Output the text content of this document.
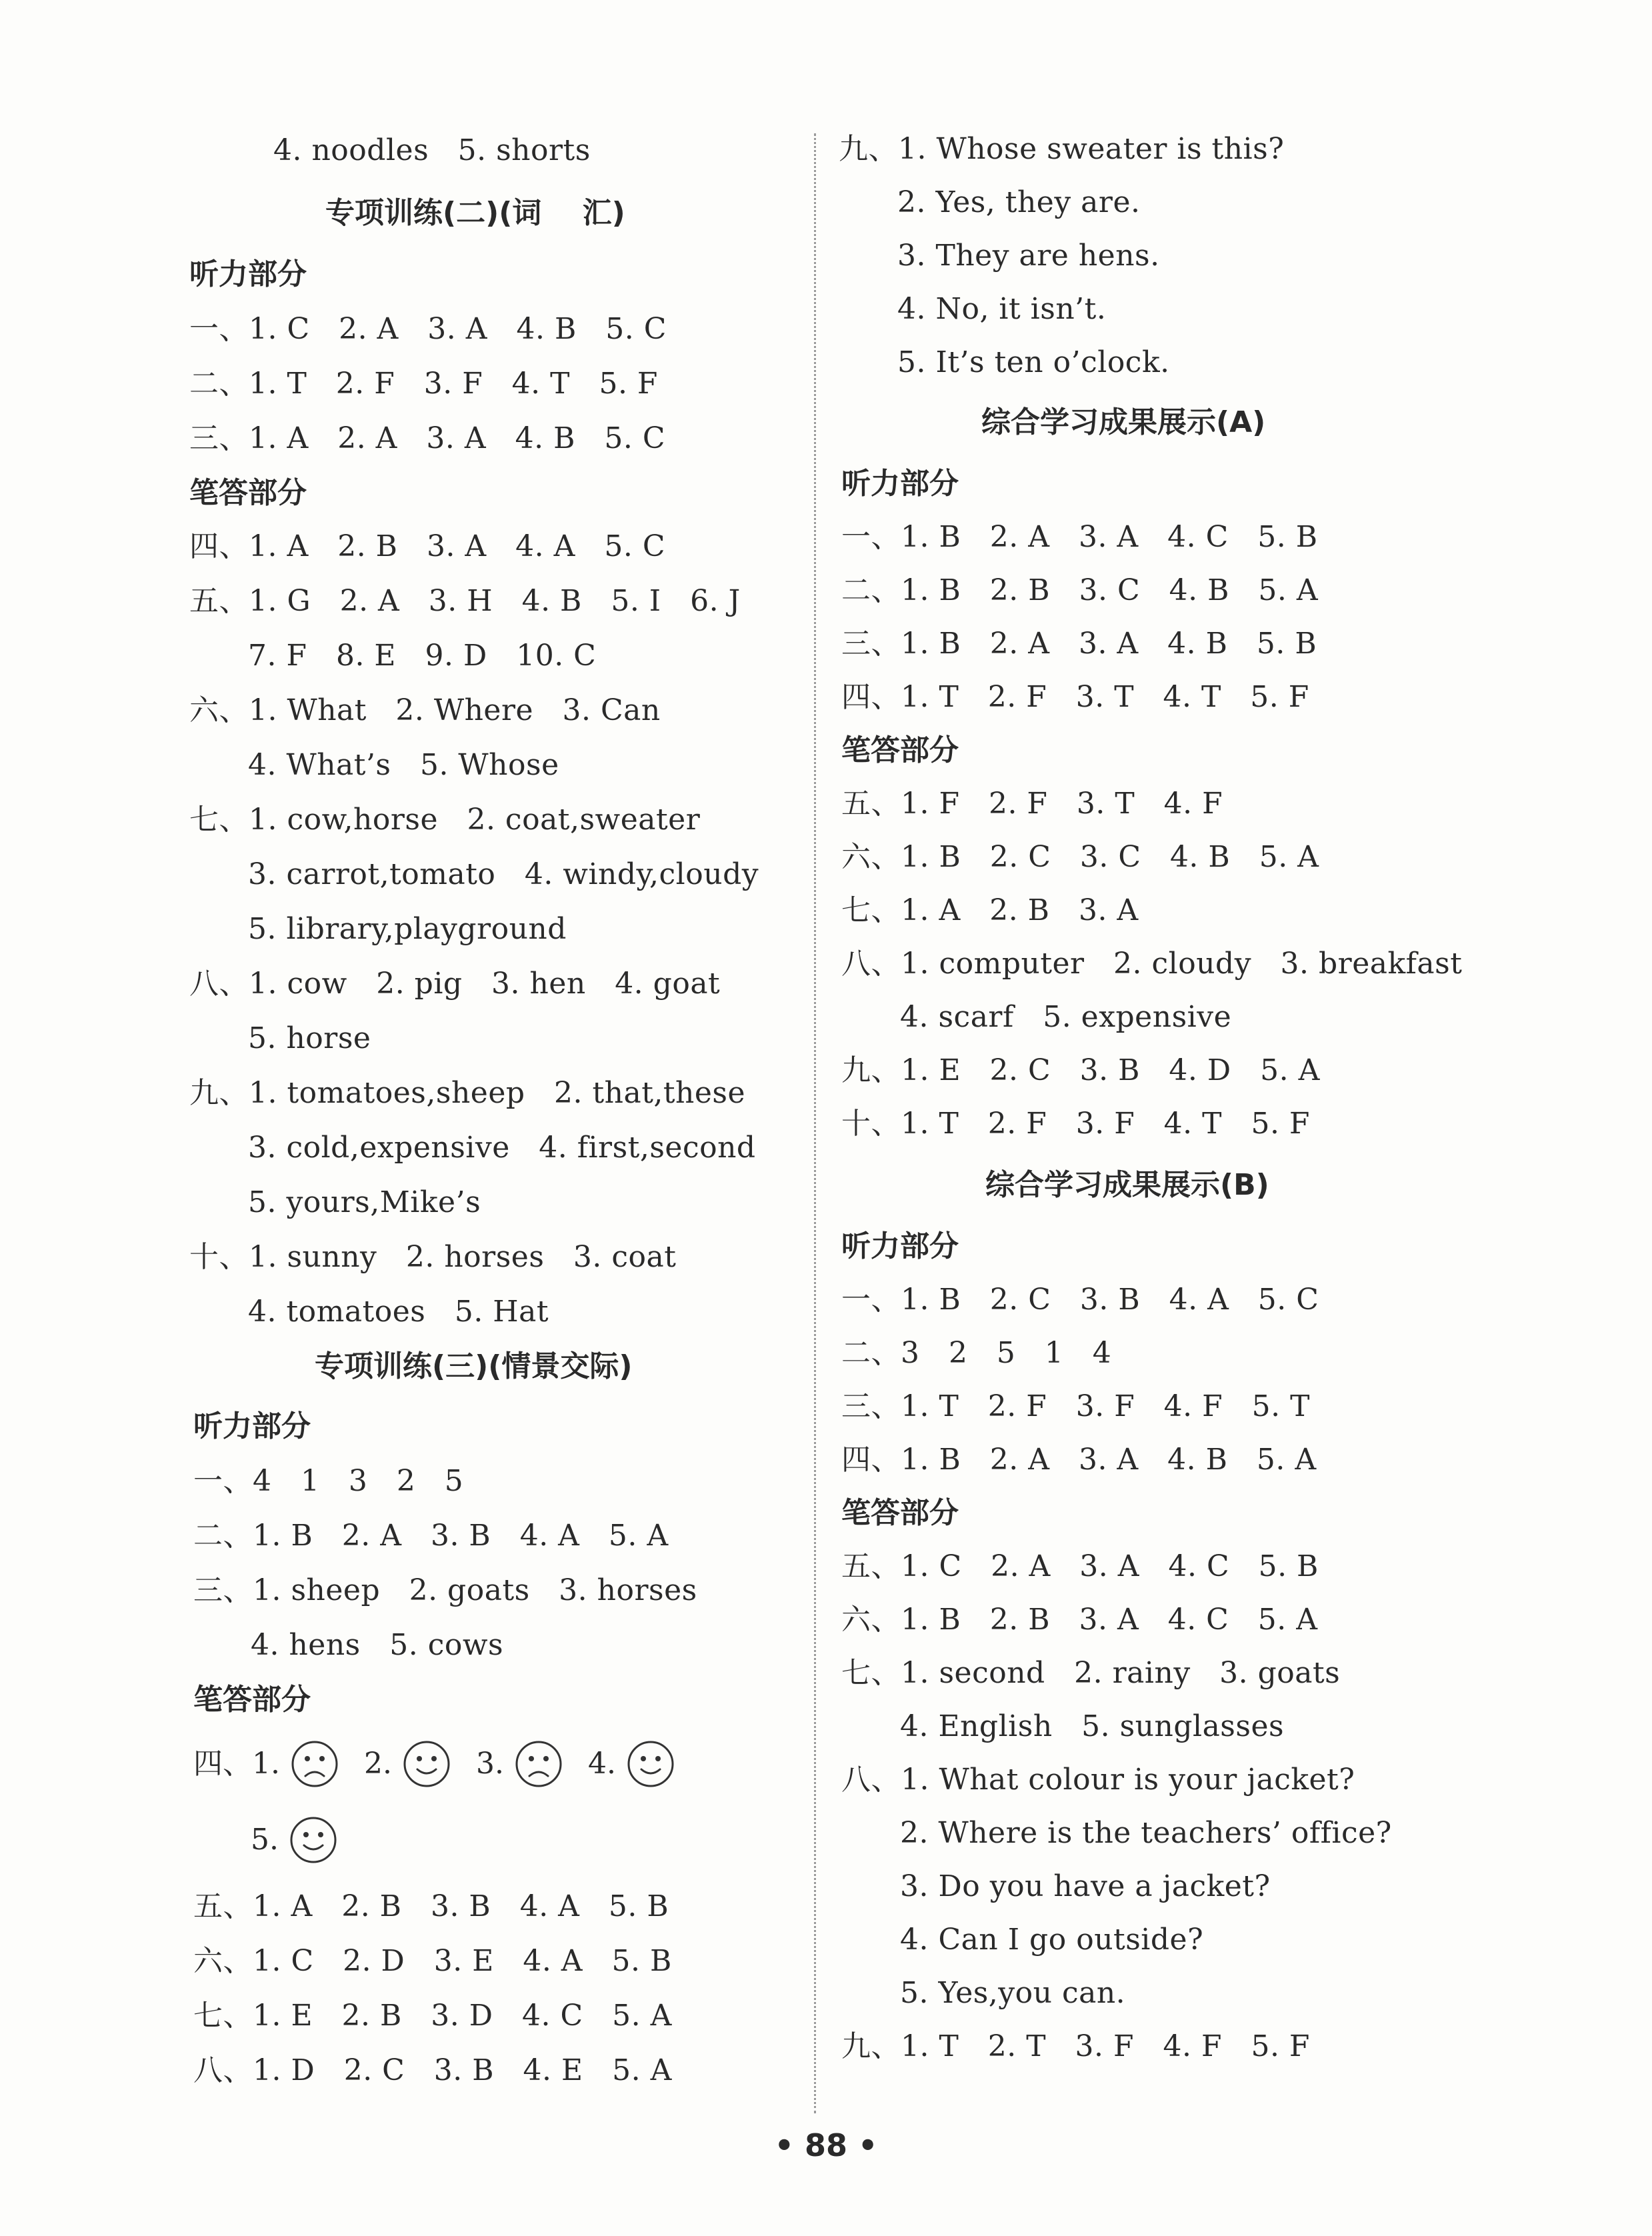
4. noodles   5. shorts
专项训练(二)(词    汇)
听力部分
一、1. C   2. A   3. A   4. B   5. C
二、1. T   2. F   3. F   4. T   5. F
三、1. A   2. A   3. A   4. B   5. C
笔答部分
四、1. A   2. B   3. A   4. A   5. C
五、1. G   2. A   3. H   4. B   5. I   6. J
7. F   8. E   9. D   10. C
六、1. What   2. Where   3. Can
4. What’s   5. Whose
七、1. cow,horse   2. coat,sweater
3. carrot,tomato   4. windy,cloudy
5. library,playground
八、1. cow   2. pig   3. hen   4. goat
5. horse
九、1. tomatoes,sheep   2. that,these
3. cold,expensive   4. first,second
5. yours,Mike’s
十、1. sunny   2. horses   3. coat
4. tomatoes   5. Hat
专项训练(三)(情景交际)
听力部分
一、4   1   3   2   5
二、1. B   2. A   3. B   4. A   5. A
三、1. sheep   2. goats   3. horses
4. hens   5. cows
笔答部分
四、1.	2.	3.	4.
5.
五、1. A   2. B   3. B   4. A   5. B
六、1. C   2. D   3. E   4. A   5. B
七、1. E   2. B   3. D   4. C   5. A
八、1. D   2. C   3. B   4. E   5. A
九、1. Whose sweater is this?
2. Yes, they are.
3. They are hens.
4. No, it isn’t.
5. It’s ten o’clock.
综合学习成果展示(A)
听力部分
一、1. B   2. A   3. A   4. C   5. B
二、1. B   2. B   3. C   4. B   5. A
三、1. B   2. A   3. A   4. B   5. B
四、1. T   2. F   3. T   4. T   5. F
笔答部分
五、1. F   2. F   3. T   4. F
六、1. B   2. C   3. C   4. B   5. A
七、1. A   2. B   3. A
八、1. computer   2. cloudy   3. breakfast
4. scarf   5. expensive
九、1. E   2. C   3. B   4. D   5. A
十、1. T   2. F   3. F   4. T   5. F
综合学习成果展示(B)
听力部分
一、1. B   2. C   3. B   4. A   5. C
二、3   2   5   1   4
三、1. T   2. F   3. F   4. F   5. T
四、1. B   2. A   3. A   4. B   5. A
笔答部分
五、1. C   2. A   3. A   4. C   5. B
六、1. B   2. B   3. A   4. C   5. A
七、1. second   2. rainy   3. goats
4. English   5. sunglasses
八、1. What colour is your jacket?
2. Where is the teachers’ office?
3. Do you have a jacket?
4. Can I go outside?
5. Yes,you can.
九、1. T   2. T   3. F   4. F   5. F
• 88 •
